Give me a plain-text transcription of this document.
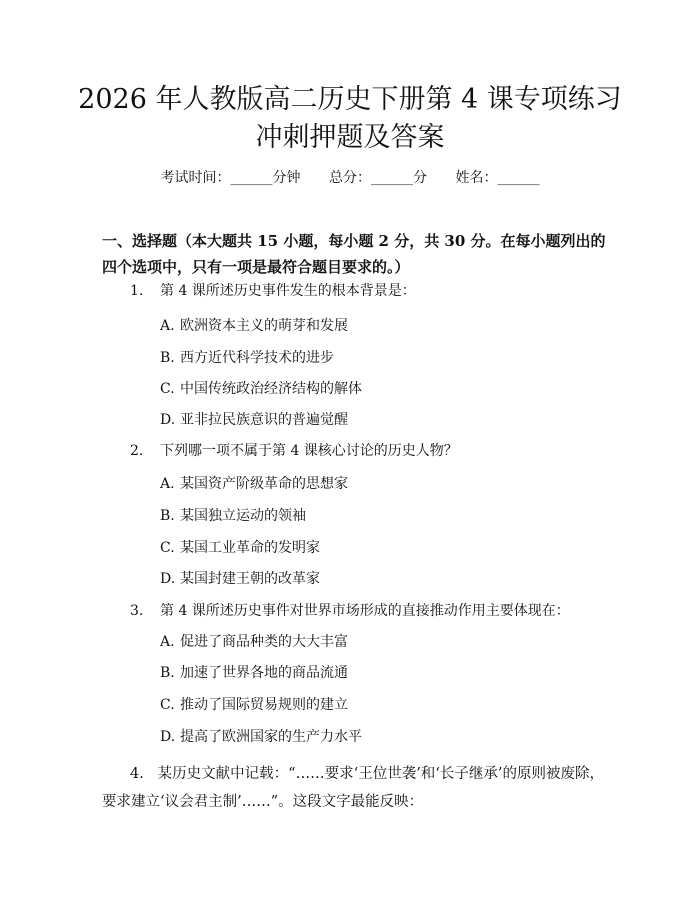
2026 年人教版高二历史下册第 4 课专项练习
冲刺押题及答案
考试时间：______分钟 总分：______分 姓名：______
一、选择题（本大题共 15 小题，每小题 2 分，共 30 分。在每小题列出的四个选项中，只有一项是最符合题目要求的。）
1. 第 4 课所述历史事件发生的根本背景是：
A. 欧洲资本主义的萌芽和发展
B. 西方近代科学技术的进步
C. 中国传统政治经济结构的解体
D. 亚非拉民族意识的普遍觉醒
2. 下列哪一项不属于第 4 课核心讨论的历史人物？
A. 某国资产阶级革命的思想家
B. 某国独立运动的领袖
C. 某国工业革命的发明家
D. 某国封建王朝的改革家
3. 第 4 课所述历史事件对世界市场形成的直接推动作用主要体现在：
A. 促进了商品种类的大大丰富
B. 加速了世界各地的商品流通
C. 推动了国际贸易规则的建立
D. 提高了欧洲国家的生产力水平
4. 某历史文献中记载：“……要求‘王位世袭’和‘长子继承’的原则被废除，要求建立‘议会君主制’……”。这段文字最能反映：
